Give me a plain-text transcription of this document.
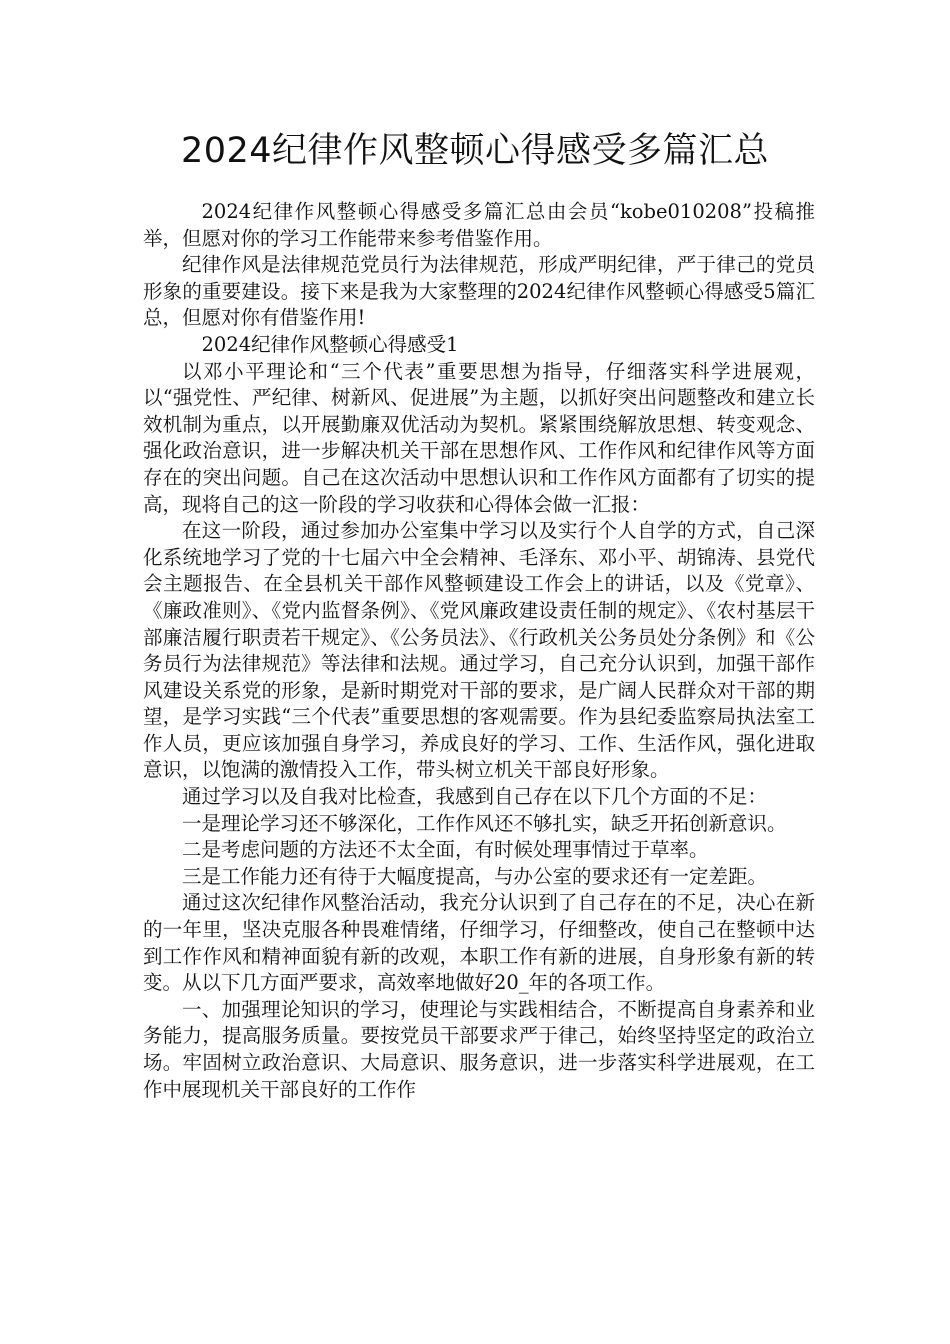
2024纪律作风整顿心得感受多篇汇总

2024纪律作风整顿心得感受多篇汇总由会员“kobe010208”投稿推举，但愿对你的学习工作能带来参考借鉴作用。

纪律作风是法律规范党员行为法律规范，形成严明纪律，严于律己的党员形象的重要建设。接下来是我为大家整理的2024纪律作风整顿心得感受5篇汇总，但愿对你有借鉴作用!

2024纪律作风整顿心得感受1

以邓小平理论和“三个代表”重要思想为指导，仔细落实科学进展观，以“强党性、严纪律、树新风、促进展”为主题，以抓好突出问题整改和建立长效机制为重点，以开展勤廉双优活动为契机。紧紧围绕解放思想、转变观念、强化政治意识，进一步解决机关干部在思想作风、工作作风和纪律作风等方面存在的突出问题。自己在这次活动中思想认识和工作作风方面都有了切实的提高，现将自己的这一阶段的学习收获和心得体会做一汇报：

在这一阶段，通过参加办公室集中学习以及实行个人自学的方式，自己深化系统地学习了党的十七届六中全会精神、毛泽东、邓小平、胡锦涛、县党代会主题报告、在全县机关干部作风整顿建设工作会上的讲话，以及《党章》、《廉政准则》、《党内监督条例》、《党风廉政建设责任制的规定》、《农村基层干部廉洁履行职责若干规定》、《公务员法》、《行政机关公务员处分条例》和《公务员行为法律规范》等法律和法规。通过学习，自己充分认识到，加强干部作风建设关系党的形象，是新时期党对干部的要求，是广阔人民群众对干部的期望，是学习实践“三个代表”重要思想的客观需要。作为县纪委监察局执法室工作人员，更应该加强自身学习，养成良好的学习、工作、生活作风，强化进取意识，以饱满的激情投入工作，带头树立机关干部良好形象。

通过学习以及自我对比检查，我感到自己存在以下几个方面的不足：

一是理论学习还不够深化，工作作风还不够扎实，缺乏开拓创新意识。

二是考虑问题的方法还不太全面，有时候处理事情过于草率。

三是工作能力还有待于大幅度提高，与办公室的要求还有一定差距。

通过这次纪律作风整治活动，我充分认识到了自己存在的不足，决心在新的一年里，坚决克服各种畏难情绪，仔细学习，仔细整改，使自己在整顿中达到工作作风和精神面貌有新的改观，本职工作有新的进展，自身形象有新的转变。从以下几方面严要求，高效率地做好20_年的各项工作。

一、加强理论知识的学习，使理论与实践相结合，不断提高自身素养和业务能力，提高服务质量。要按党员干部要求严于律己，始终坚持坚定的政治立场。牢固树立政治意识、大局意识、服务意识，进一步落实科学进展观，在工作中展现机关干部良好的工作作
